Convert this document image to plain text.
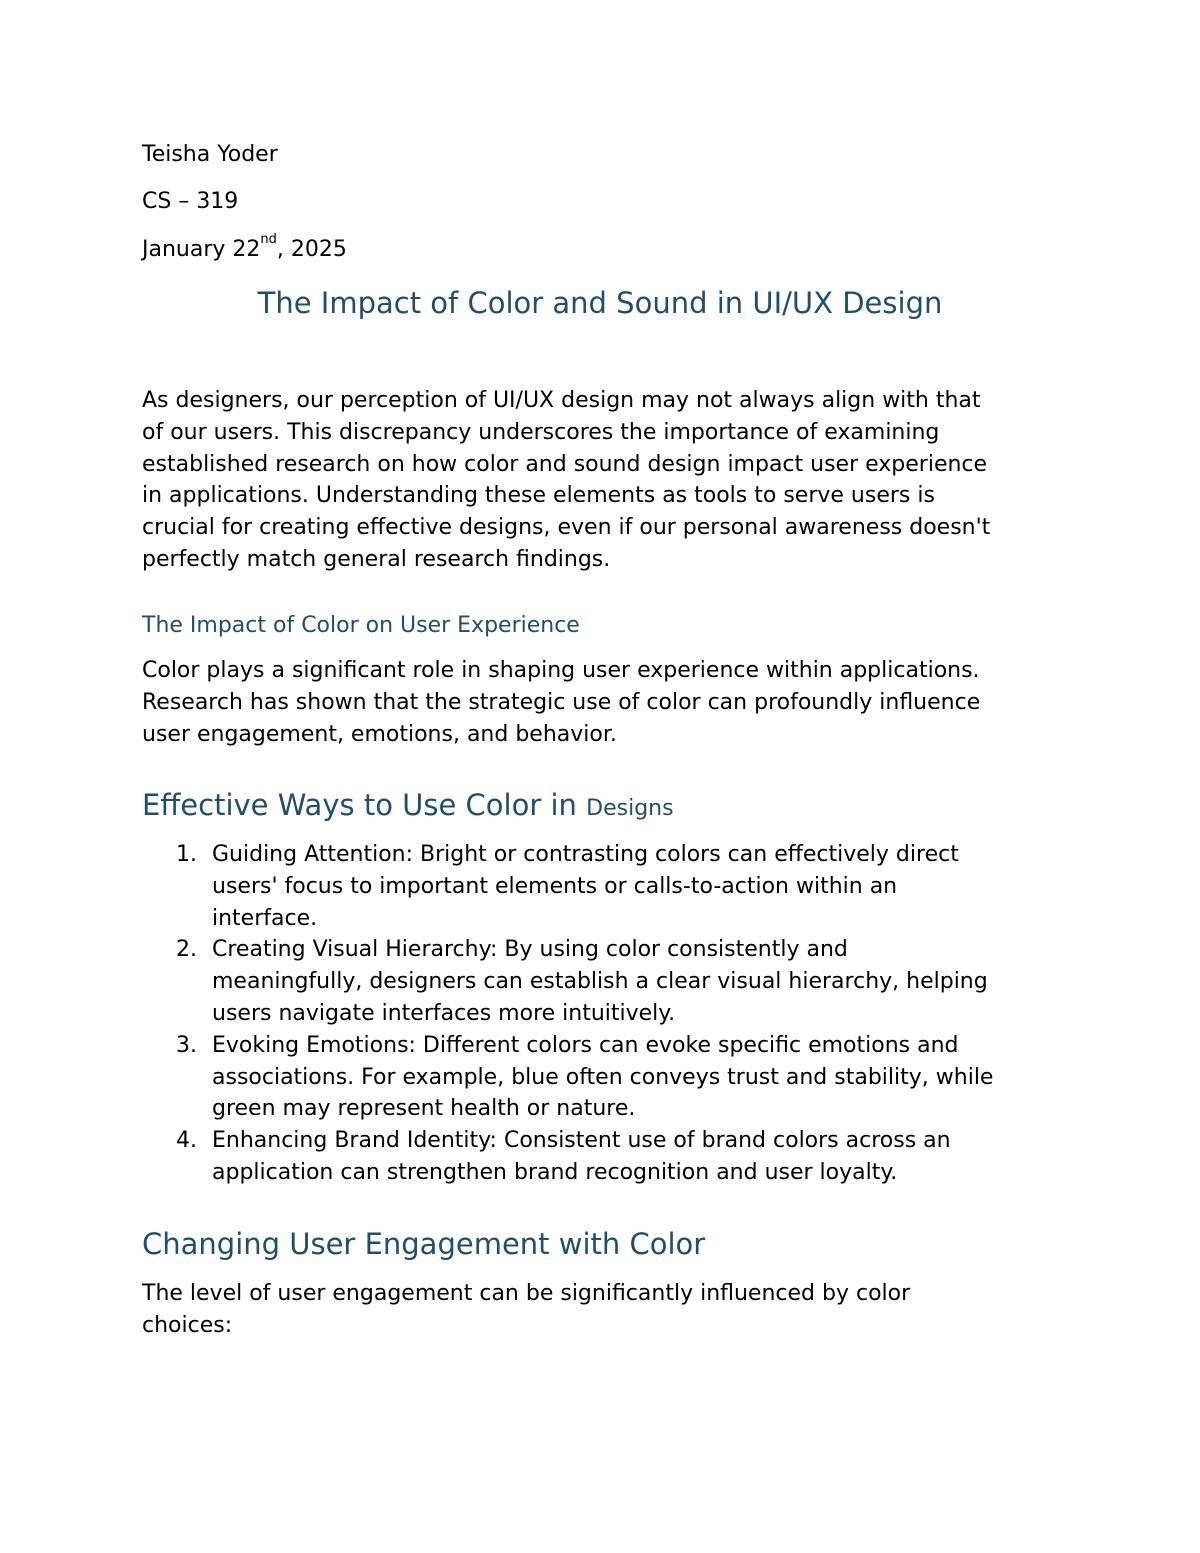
Teisha Yoder

CS – 319

January 22nd, 2025

The Impact of Color and Sound in UI/UX Design
As designers, our perception of UI/UX design may not always align with that
of our users. This discrepancy underscores the importance of examining
established research on how color and sound design impact user experience
in applications. Understanding these elements as tools to serve users is
crucial for creating effective designs, even if our personal awareness doesn't
perfectly match general research findings.
The Impact of Color on User Experience
Color plays a significant role in shaping user experience within applications.
Research has shown that the strategic use of color can profoundly influence
user engagement, emotions, and behavior.
Effective Ways to Use Color in Designs
1. Guiding Attention: Bright or contrasting colors can effectively direct
users' focus to important elements or calls-to-action within an
interface.
2. Creating Visual Hierarchy: By using color consistently and
meaningfully, designers can establish a clear visual hierarchy, helping
users navigate interfaces more intuitively.
3. Evoking Emotions: Different colors can evoke specific emotions and
associations. For example, blue often conveys trust and stability, while
green may represent health or nature.
4. Enhancing Brand Identity: Consistent use of brand colors across an
application can strengthen brand recognition and user loyalty.
Changing User Engagement with Color
The level of user engagement can be significantly influenced by color
choices:
